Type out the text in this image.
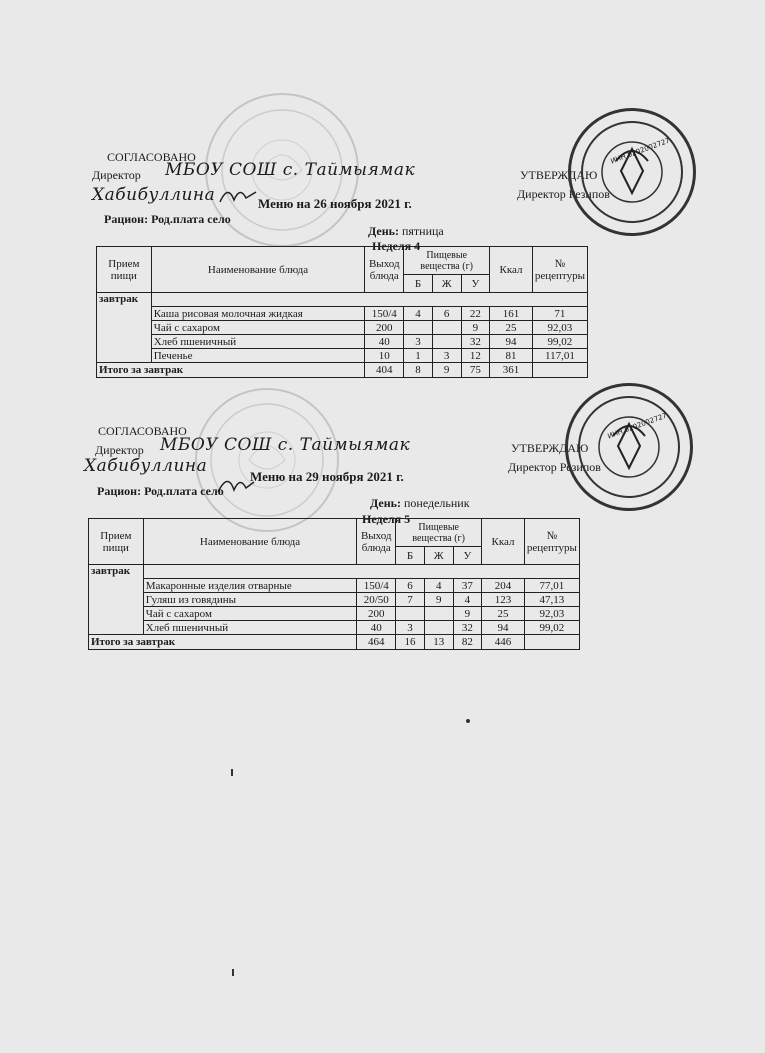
СОГЛАСОВАНО
Директор МБОУ СОШ с. Таймыямак
Хабибуллина	Меню на 26 ноября 2021 г.
Рацион: Род.плата село
УТВЕРЖДАЮ
Директор Резипов
День: пятница
Неделя 4
ИНН 0202002727
Прием пищи	Наименование блюда	Выход блюда	Пищевые вещества (г)			Ккал	№ рецептуры
			Б	Ж	У		
завтрак							
	Каша рисовая молочная жидкая	150/4	4	6	22	161	71
	Чай с сахаром	200			9	25	92,03
	Хлеб пшеничный	40	3		32	94	99,02
	Печенье	10	1	3	12	81	117,01
Итого за завтрак		404	8	9	75	361	
СОГЛАСОВАНО
Директор МБОУ СОШ с. Таймыямак
Хабибуллина
Меню на 29 ноября 2021 г.
Рацион: Род.плата село
УТВЕРЖДАЮ
Директор Резипов
День: понедельник
Неделя 5
ИНН 0202002727
Прием пищи	Наименование блюда	Выход блюда	Пищевые вещества (г)			Ккал	№ рецептуры
			Б	Ж	У		
завтрак							
	Макаронные изделия отварные	150/4	6	4	37	204	77,01
	Гуляш из говядины	20/50	7	9	4	123	47,13
	Чай с сахаром	200			9	25	92,03
	Хлеб пшеничный	40	3		32	94	99,02
Итого за завтрак		464	16	13	82	446	
